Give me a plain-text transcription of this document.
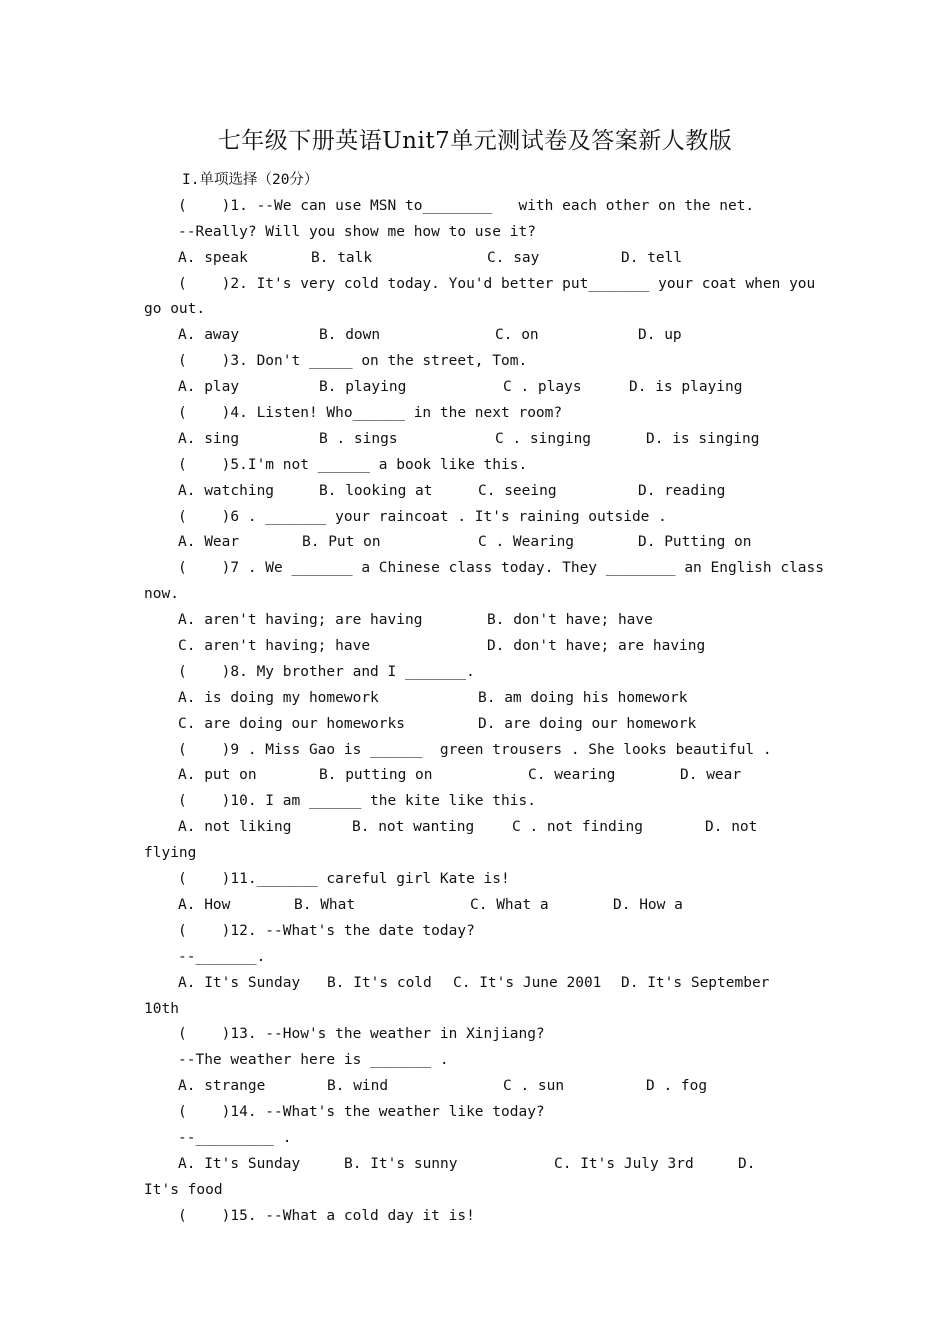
七年级下册英语Unit7单元测试卷及答案新人教版
I.单项选择（20分）
(    )1. --We can use MSN to________   with each other on the net.
--Really? Will you show me how to use it?
A. speak	B. talk	C. say	D. tell
(    )2. It's very cold today. You'd better put_______ your coat when you
go out.
A. away	B. down	C. on	D. up
(    )3. Don't _____ on the street, Tom.
A. play	B. playing	C . plays	D. is playing
(    )4. Listen! Who______ in the next room?
A. sing	B . sings	C . singing	D. is singing
(    )5.I'm not ______ a book like this.
A. watching	B. looking at	C. seeing	D. reading
(    )6 . _______ your raincoat . It's raining outside .
A. Wear	B. Put on	C . Wearing	D. Putting on
(    )7 . We _______ a Chinese class today. They ________ an English class
now.
A. aren't having; are having	B. don't have; have
C. aren't having; have	D. don't have; are having
(    )8. My brother and I _______.
A. is doing my homework	B. am doing his homework
C. are doing our homeworks	D. are doing our homework
(    )9 . Miss Gao is ______  green trousers . She looks beautiful .
A. put on	B. putting on	C. wearing	D. wear
(    )10. I am ______ the kite like this.
A. not liking	B. not wanting	C . not finding	D. not
flying
(    )11._______ careful girl Kate is!
A. How	B. What	C. What a	D. How a
(    )12. --What's the date today?
--_______.
A. It's Sunday B. It's cold C. It's June 2001 D. It's September
10th
(    )13. --How's the weather in Xinjiang?
--The weather here is _______ .
A. strange	B. wind	C . sun	D . fog
(    )14. --What's the weather like today?
--_________ .
A. It's Sunday	B. It's sunny	C. It's July 3rd	D.
It's food
(    )15. --What a cold day it is!
